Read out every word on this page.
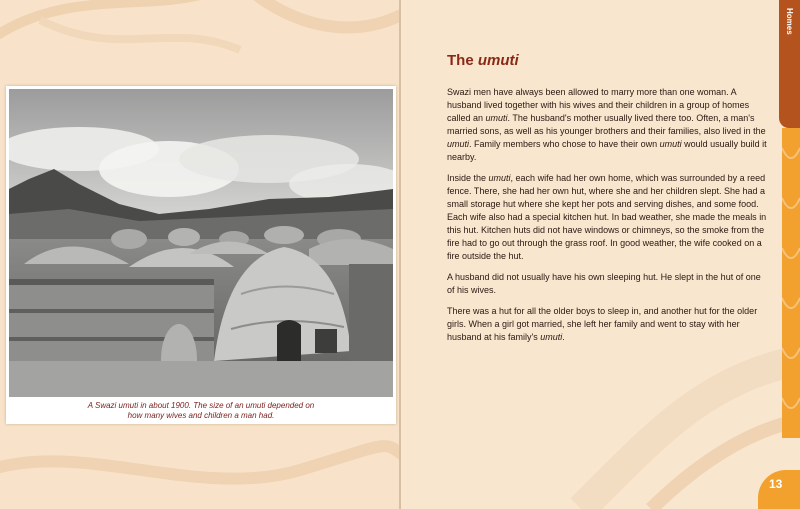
A Swazi umuti in about 1900. The size of an umuti depended on
how many wives and children a man had.

The umuti

Swazi men have always been allowed to marry more than one woman. A husband lived together with his wives and their children in a group of homes called an umuti. The husband's mother usually lived there too. Often, a man's married sons, as well as his younger brothers and their families, also lived in the umuti. Family members who chose to have their own umuti would usually build it nearby.

Inside the umuti, each wife had her own home, which was surrounded by a reed fence. There, she had her own hut, where she and her children slept. She had a small storage hut where she kept her pots and serving dishes, and some food. Each wife also had a special kitchen hut. In bad weather, she made the meals in this hut. Kitchen huts did not have windows or chimneys, so the smoke from the fire had to go out through the grass roof. In good weather, the wife cooked on a fire outside the hut.

A husband did not usually have his own sleeping hut. He slept in the hut of one of his wives.

There was a hut for all the older boys to sleep in, and another hut for the older girls. When a girl got married, she left her family and went to stay with her husband at his family's umuti.

Homes
13
